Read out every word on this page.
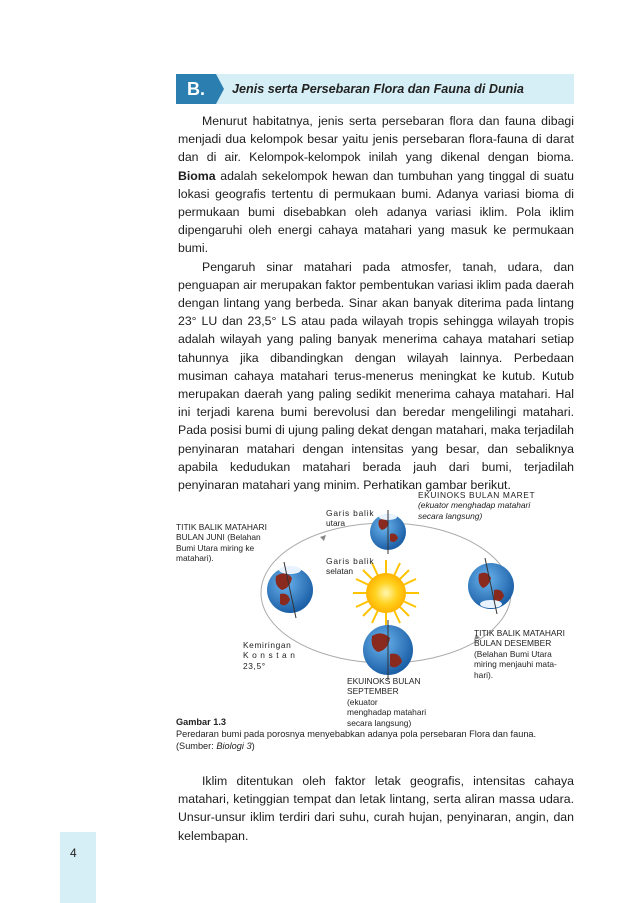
B.	Jenis serta Persebaran Flora dan Fauna di Dunia

Menurut habitatnya, jenis serta persebaran flora dan fauna dibagi menjadi dua kelompok besar yaitu jenis persebaran flora-fauna di darat dan di air. Kelompok-kelompok inilah yang dikenal dengan bioma. Bioma adalah sekelompok hewan dan tumbuhan yang tinggal di suatu lokasi geografis tertentu di permukaan bumi. Adanya variasi bioma di permukaan bumi disebabkan oleh adanya variasi iklim. Pola iklim dipengaruhi oleh energi cahaya matahari yang masuk ke permukaan bumi.

Pengaruh sinar matahari pada atmosfer, tanah, udara, dan penguapan air merupakan faktor pembentukan variasi iklim pada daerah dengan lintang yang berbeda. Sinar akan banyak diterima pada lintang 23° LU dan 23,5° LS atau pada wilayah tropis sehingga wilayah tropis adalah wilayah yang paling banyak menerima cahaya matahari setiap tahunnya jika dibandingkan dengan wilayah lainnya. Perbedaan musiman cahaya matahari terus-menerus meningkat ke kutub. Kutub merupakan daerah yang paling sedikit menerima cahaya matahari. Hal ini terjadi karena bumi berevolusi dan beredar mengelilingi matahari. Pada posisi bumi di ujung paling dekat dengan matahari, maka terjadilah penyinaran matahari dengan intensitas yang besar, dan sebaliknya apabila kedudukan matahari berada jauh dari bumi, terjadilah penyinaran matahari yang minim. Perhatikan gambar berikut.

EKUINOKS BULAN MARET
(ekuator menghadap matahari
secara langsung)
Garis balik
utara
Garis balik
selatan
TITIK BALIK MATAHARI
BULAN JUNI (Belahan
Bumi Utara miring ke
matahari).
Kemiringan
K o n s t a n
23,5°
EKUINOKS BULAN
SEPTEMBER (ekuator
menghadap matahari
secara langsung)
TITIK BALIK MATAHARI
BULAN DESEMBER
(Belahan Bumi Utara
miring menjauhi mata-
hari).
Gambar 1.3
Peredaran bumi pada porosnya menyebabkan adanya pola persebaran Flora dan fauna.
(Sumber: Biologi 3)

Iklim ditentukan oleh faktor letak geografis, intensitas cahaya matahari, ketinggian tempat dan letak lintang, serta aliran massa udara. Unsur-unsur iklim terdiri dari suhu, curah hujan, penyinaran, angin, dan kelembapan.

4
